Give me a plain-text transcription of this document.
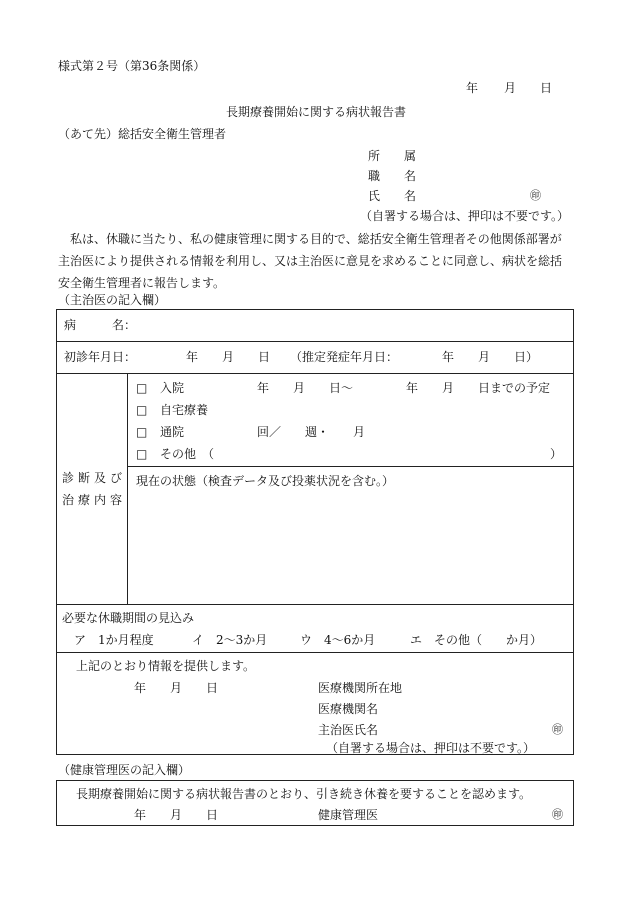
様式第２号（第36条関係）
年 月 日
長期療養開始に関する病状報告書
（あて先）総括安全衛生管理者
所　　属
職　　名
氏　　名	㊞
（自署する場合は、押印は不要です。）
　私は、休職に当たり、私の健康管理に関する目的で、総括安全衛生管理者その他関係部署が
主治医により提供される情報を利用し、又は主治医に意見を求めることに同意し、病状を総括
安全衛生管理者に報告します。
（主治医の記入欄）
病　　　名：
初診年月日：	年　　月　　日 （推定発症年月日：	年　　月　　日）
診断及び
治療内容
□ 入院	年　　月　　日～	年　　月　　日までの予定
□ 自宅療養
□ 通院	回／　　週・　　月
□ その他　（	）
現在の状態（検査データ及び投薬状況を含む。）
必要な休職期間の見込み
ア　1か月程度	イ　2～3か月	ウ　4～6か月	エ　その他（　　か月）
上記のとおり情報を提供します。
年　　月　　日	医療機関所在地
医療機関名
主治医氏名	㊞
（自署する場合は、押印は不要です。）
（健康管理医の記入欄）
長期療養開始に関する病状報告書のとおり、引き続き休養を要することを認めます。
年　　月　　日	健康管理医	㊞
